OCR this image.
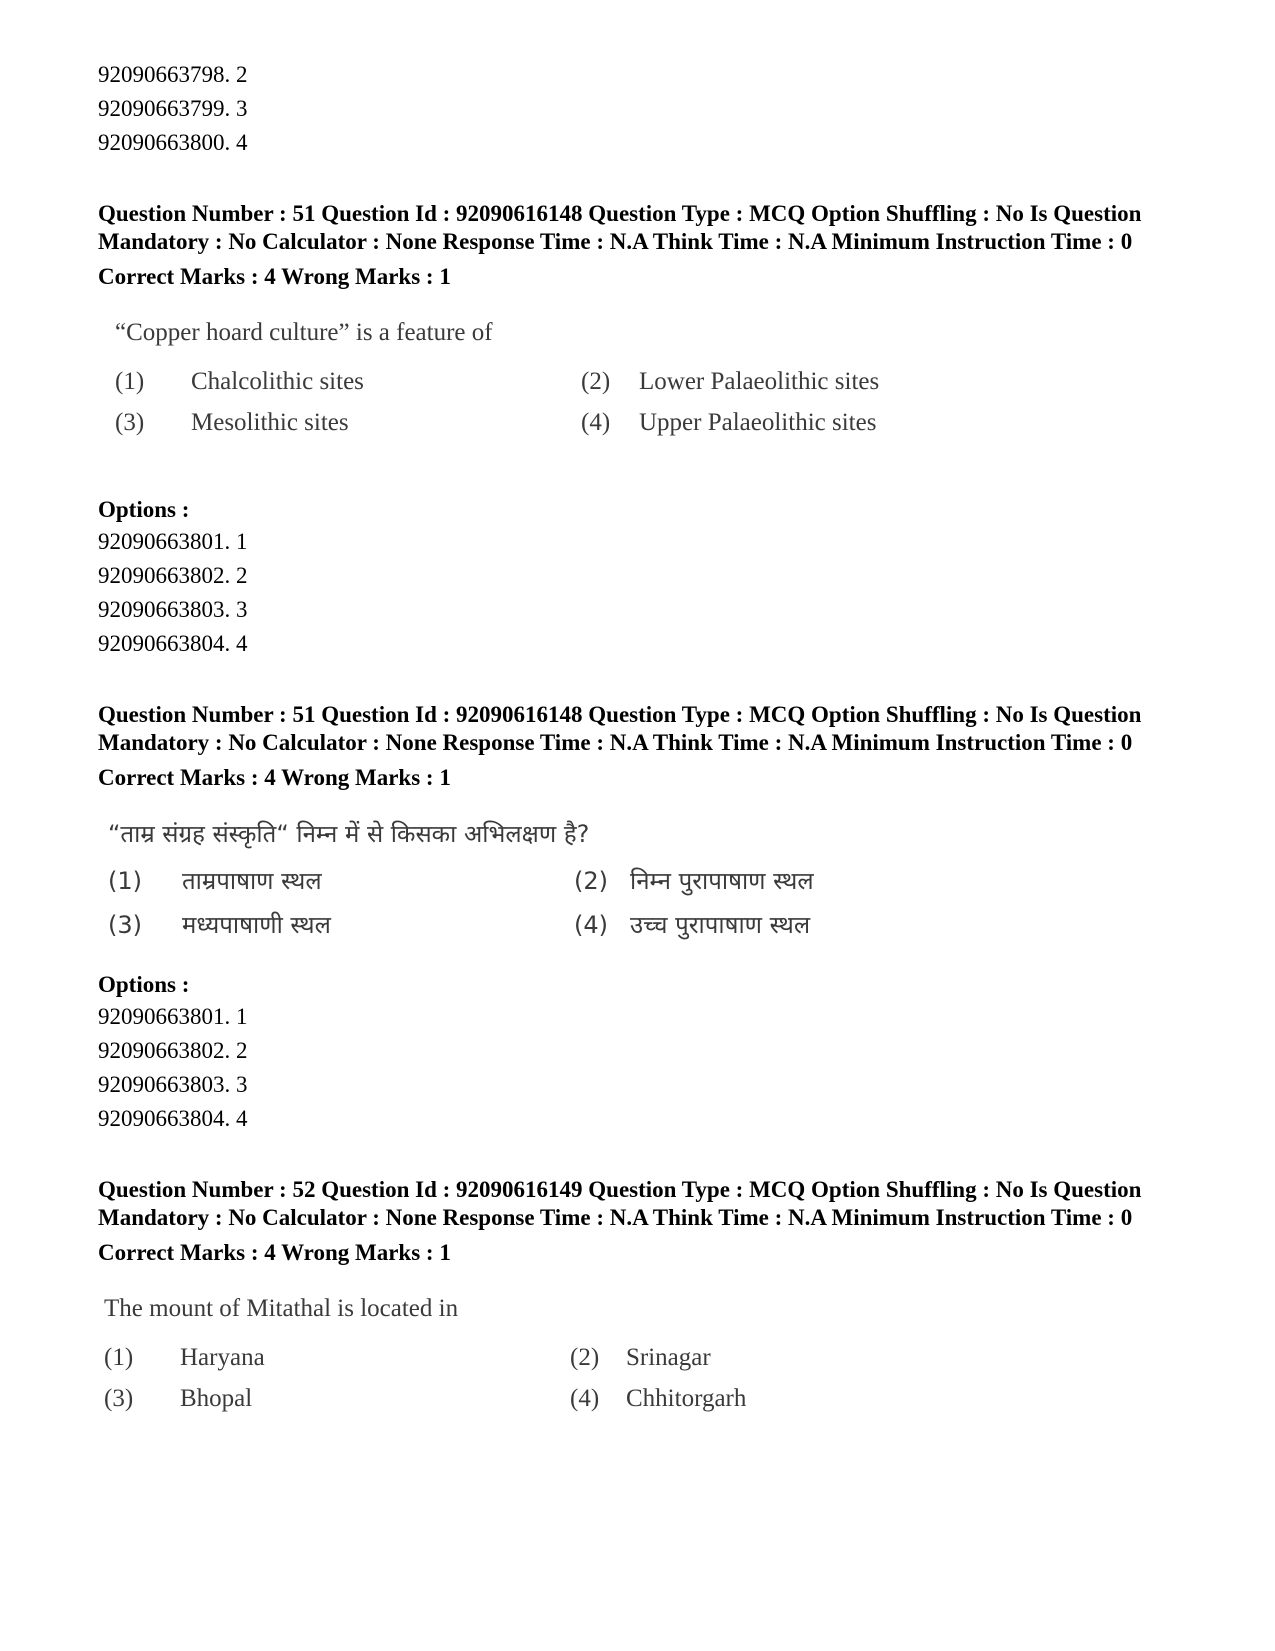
92090663798. 2
92090663799. 3
92090663800. 4
Question Number : 51 Question Id : 92090616148 Question Type : MCQ Option Shuffling : No Is Question Mandatory : No Calculator : None Response Time : N.A Think Time : N.A Minimum Instruction Time : 0
Correct Marks : 4 Wrong Marks : 1
“Copper hoard culture” is a feature of
(1) Chalcolithic sites	(2) Lower Palaeolithic sites
(3) Mesolithic sites	(4) Upper Palaeolithic sites
Options :
92090663801. 1
92090663802. 2
92090663803. 3
92090663804. 4
Question Number : 51 Question Id : 92090616148 Question Type : MCQ Option Shuffling : No Is Question Mandatory : No Calculator : None Response Time : N.A Think Time : N.A Minimum Instruction Time : 0
Correct Marks : 4 Wrong Marks : 1
“ताम्र संग्रह संस्कृति“ निम्न में से किसका अभिलक्षण है?
(1) ताम्रपाषाण स्थल	(2) निम्न पुरापाषाण स्थल
(3) मध्यपाषाणी स्थल	(4) उच्च पुरापाषाण स्थल
Options :
92090663801. 1
92090663802. 2
92090663803. 3
92090663804. 4
Question Number : 52 Question Id : 92090616149 Question Type : MCQ Option Shuffling : No Is Question Mandatory : No Calculator : None Response Time : N.A Think Time : N.A Minimum Instruction Time : 0
Correct Marks : 4 Wrong Marks : 1
The mount of Mitathal is located in
(1) Haryana	(2) Srinagar
(3) Bhopal	(4) Chhitorgarh
